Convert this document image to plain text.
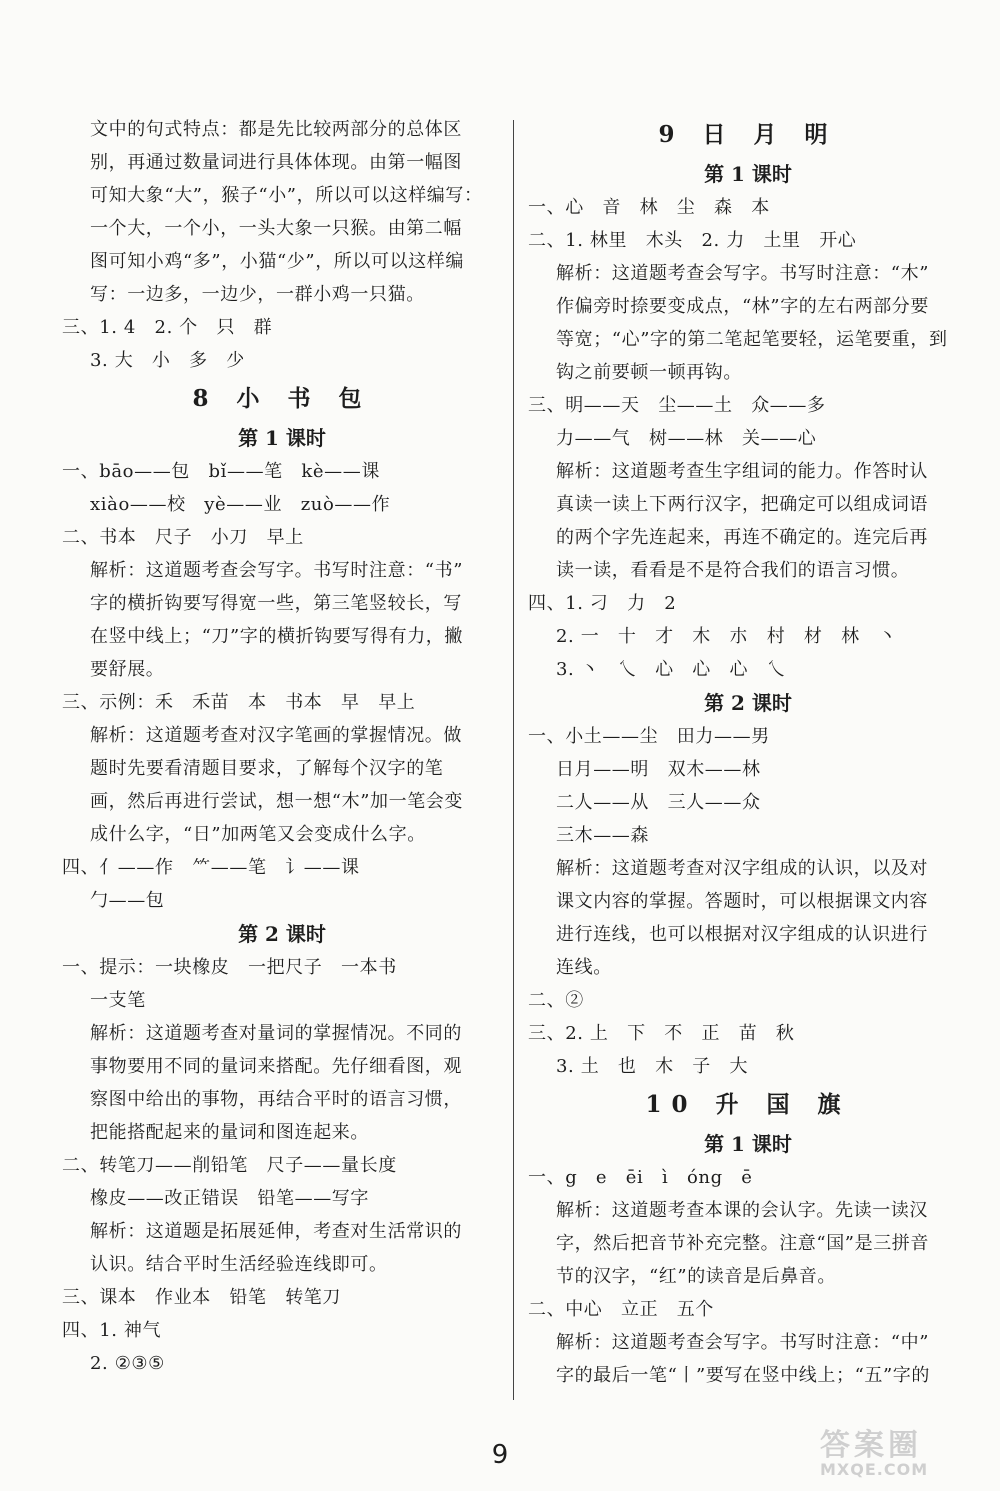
文中的句式特点：都是先比较两部分的总体区
别，再通过数量词进行具体体现。由第一幅图
可知大象“大”，猴子“小”，所以可以这样编写：
一个大，一个小，一头大象一只猴。由第二幅
图可知小鸡“多”，小猫“少”，所以可以这样编
写：一边多，一边少，一群小鸡一只猫。
三、1. 4　2. 个　只　群
3. 大　小　多　少
8 小 书 包
第 1 课时
一、bāo——包　bǐ——笔　kè——课
xiào——校　yè——业　zuò——作
二、书本　尺子　小刀　早上
解析：这道题考查会写字。书写时注意：“书”
字的横折钩要写得宽一些，第三笔竖较长，写
在竖中线上；“刀”字的横折钩要写得有力，撇
要舒展。
三、示例：禾　禾苗　本　书本　早　早上
解析：这道题考查对汉字笔画的掌握情况。做
题时先要看清题目要求，了解每个汉字的笔
画，然后再进行尝试，想一想“木”加一笔会变
成什么字，“日”加两笔又会变成什么字。
四、亻——作　⺮——笔　讠——课
勹——包
第 2 课时
一、提示：一块橡皮　一把尺子　一本书
一支笔
解析：这道题考查对量词的掌握情况。不同的
事物要用不同的量词来搭配。先仔细看图，观
察图中给出的事物，再结合平时的语言习惯，
把能搭配起来的量词和图连起来。
二、转笔刀——削铅笔　尺子——量长度
橡皮——改正错误　铅笔——写字
解析：这道题是拓展延伸，考查对生活常识的
认识。结合平时生活经验连线即可。
三、课本　作业本　铅笔　转笔刀
四、1. 神气
2. ②③⑤
9 日 月 明
第 1 课时
一、心　音　林　尘　森　本
二、1. 林里　木头　2. 力　土里　开心
解析：这道题考查会写字。书写时注意：“木”
作偏旁时捺要变成点，“林”字的左右两部分要
等宽；“心”字的第二笔起笔要轻，运笔要重，到
钩之前要顿一顿再钩。
三、明——天　尘——土　众——多
力——气　树——林　关——心
解析：这道题考查生字组词的能力。作答时认
真读一读上下两行汉字，把确定可以组成词语
的两个字先连起来，再连不确定的。连完后再
读一读，看看是不是符合我们的语言习惯。
四、1. 刁　力　2
2. 一　十　才　木　朩　村　材　林　丶
3. 丶　乀　心　心　心　乀
第 2 课时
一、小土——尘　田力——男
日月——明　双木——林
二人——从　三人——众
三木——森
解析：这道题考查对汉字组成的认识，以及对
课文内容的掌握。答题时，可以根据课文内容
进行连线，也可以根据对汉字组成的认识进行
连线。
二、②
三、2. 上　下　不　正　苗　秋
3. 土　也　木　子　大
10 升 国 旗
第 1 课时
一、g　e　ēi　ì　óng　ē
解析：这道题考查本课的会认字。先读一读汉
字，然后把音节补充完整。注意“国”是三拼音
节的汉字，“红”的读音是后鼻音。
二、中心　立正　五个
解析：这道题考查会写字。书写时注意：“中”
字的最后一笔“丨”要写在竖中线上；“五”字的
9	答案圈
MXQE.COM
